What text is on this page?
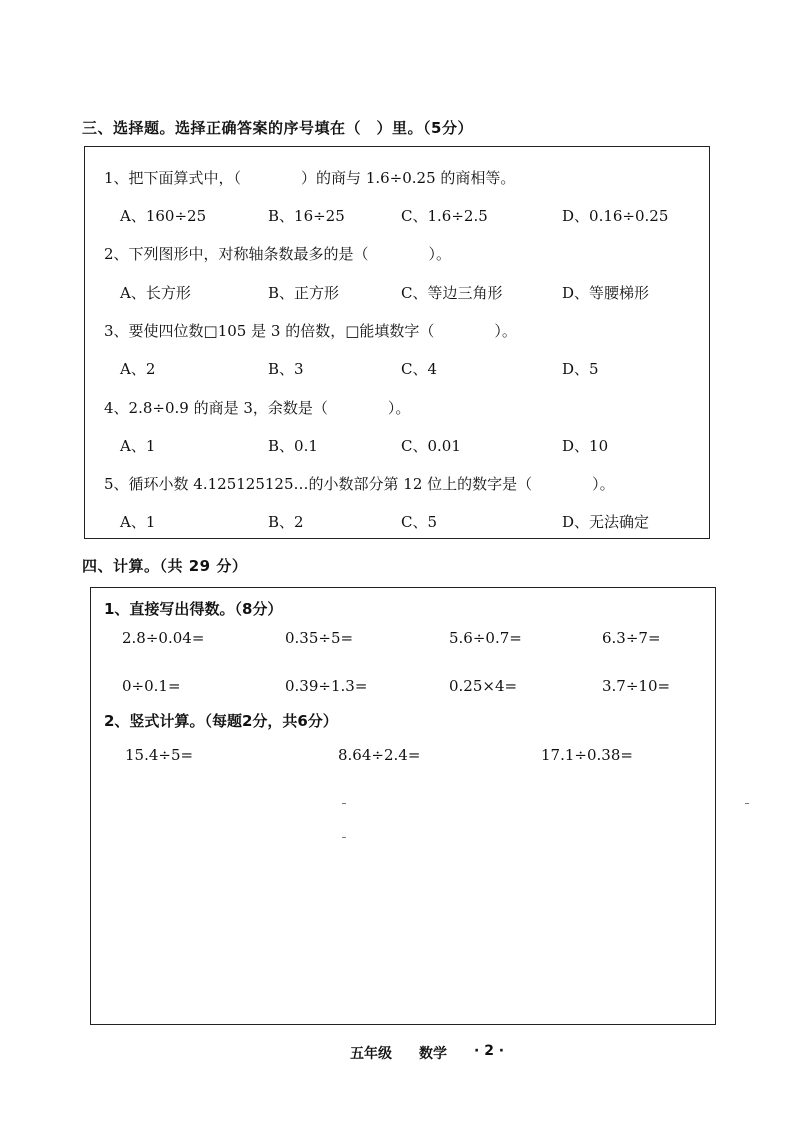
三、选择题。选择正确答案的序号填在（　）里。（5分）
1、把下面算式中，（　　　　）的商与 1.6÷0.25 的商相等。
A、160÷25	B、16÷25	C、1.6÷2.5	D、0.16÷0.25
2、下列图形中，对称轴条数最多的是（　　　　）。
A、长方形	B、正方形	C、等边三角形	D、等腰梯形
3、要使四位数□105 是 3 的倍数，□能填数字（　　　　）。
A、2	B、3	C、4	D、5
4、2.8÷0.9 的商是 3，余数是（　　　　）。
A、1	B、0.1	C、0.01	D、10
5、循环小数 4.125125125…的小数部分第 12 位上的数字是（　　　　）。
A、1	B、2	C、5	D、无法确定
四、计算。（共 29 分）
1、直接写出得数。（8分）
2.8÷0.04=	0.35÷5=	5.6÷0.7=	6.3÷7=
0÷0.1=	0.39÷1.3=	0.25×4=	3.7÷10=
2、竖式计算。（每题2分，共6分）
15.4÷5=	8.64÷2.4=	17.1÷0.38=
五年级 数学 · 2 ·
